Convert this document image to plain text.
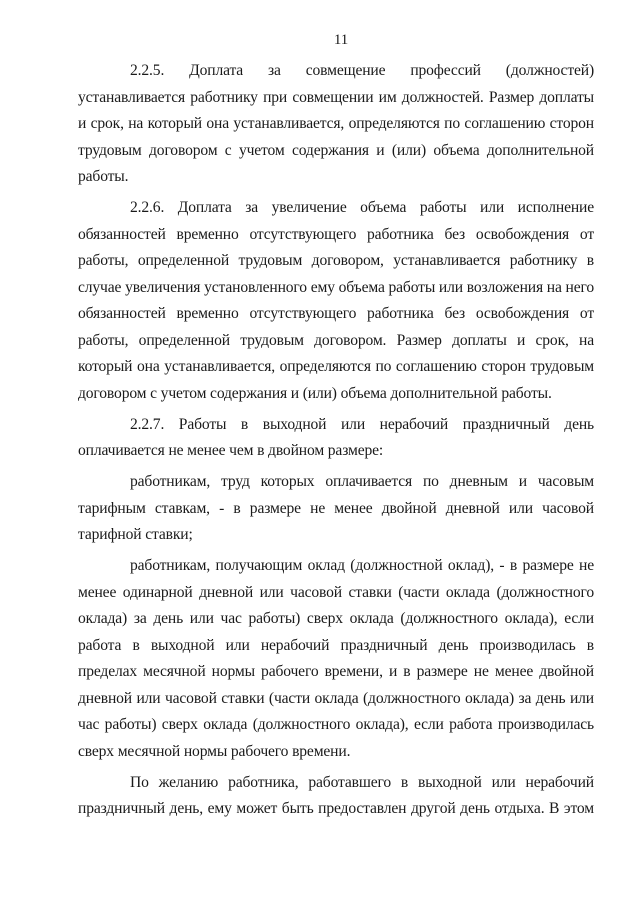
11

2.2.5. Доплата за совмещение профессий (должностей) устанавливается работнику при совмещении им должностей. Размер доплаты и срок, на который она устанавливается, определяются по соглашению сторон трудовым договором с учетом содержания и (или) объема дополнительной работы.

2.2.6. Доплата за увеличение объема работы или исполнение обязанностей временно отсутствующего работника без освобождения от работы, определенной трудовым договором, устанавливается работнику в случае увеличения установленного ему объема работы или возложения на него обязанностей временно отсутствующего работника без освобождения от работы, определенной трудовым договором. Размер доплаты и срок, на который она устанавливается, определяются по соглашению сторон трудовым договором с учетом содержания и (или) объема дополнительной работы.

2.2.7. Работы в выходной или нерабочий праздничный день оплачивается не менее чем в двойном размере:

работникам, труд которых оплачивается по дневным и часовым тарифным ставкам, - в размере не менее двойной дневной или часовой тарифной ставки;

работникам, получающим оклад (должностной оклад), - в размере не менее одинарной дневной или часовой ставки (части оклада (должностного оклада) за день или час работы) сверх оклада (должностного оклада), если работа в выходной или нерабочий праздничный день производилась в пределах месячной нормы рабочего времени, и в размере не менее двойной дневной или часовой ставки (части оклада (должностного оклада) за день или час работы) сверх оклада (должностного оклада), если работа производилась сверх месячной нормы рабочего времени.

По желанию работника, работавшего в выходной или нерабочий праздничный день, ему может быть предоставлен другой день отдыха. В этом
